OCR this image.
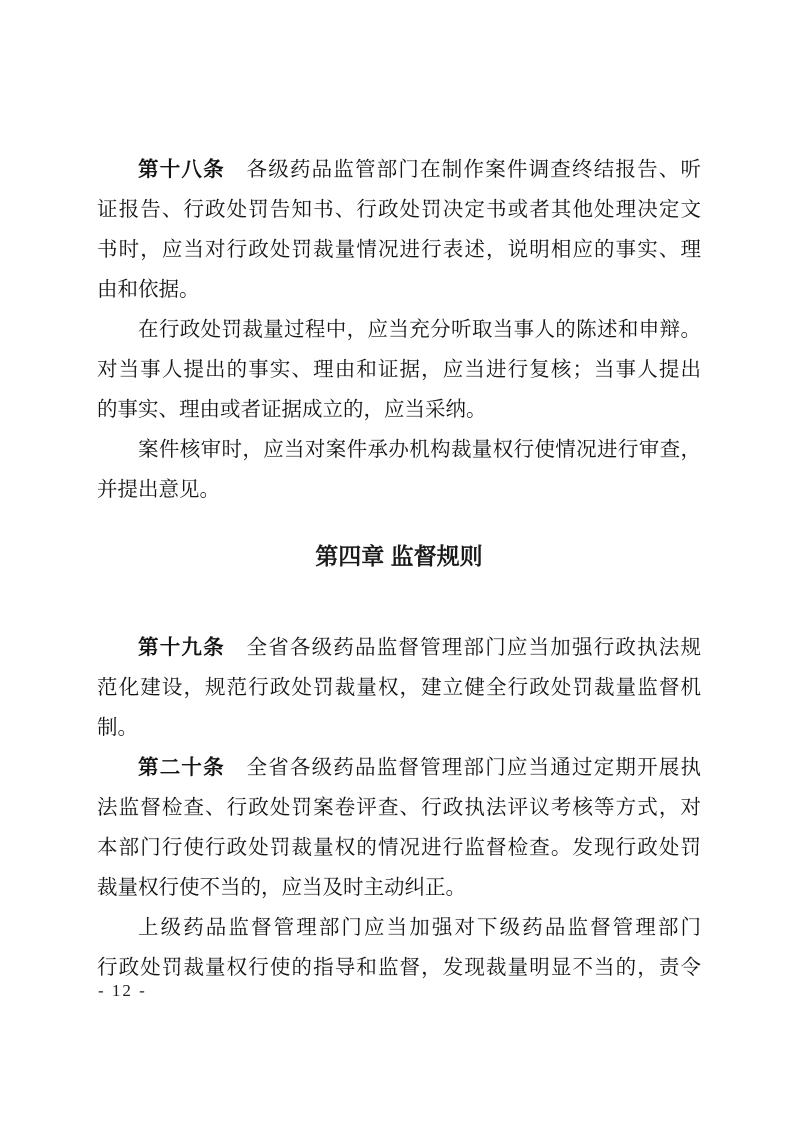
第十八条　各级药品监管部门在制作案件调查终结报告、听
证报告、行政处罚告知书、行政处罚决定书或者其他处理决定文
书时，应当对行政处罚裁量情况进行表述，说明相应的事实、理
由和依据。
在行政处罚裁量过程中，应当充分听取当事人的陈述和申辩。
对当事人提出的事实、理由和证据，应当进行复核；当事人提出
的事实、理由或者证据成立的，应当采纳。
案件核审时，应当对案件承办机构裁量权行使情况进行审查，
并提出意见。
第四章 监督规则
第十九条　全省各级药品监督管理部门应当加强行政执法规
范化建设，规范行政处罚裁量权，建立健全行政处罚裁量监督机
制。
第二十条　全省各级药品监督管理部门应当通过定期开展执
法监督检查、行政处罚案卷评查、行政执法评议考核等方式，对
本部门行使行政处罚裁量权的情况进行监督检查。发现行政处罚
裁量权行使不当的，应当及时主动纠正。
上级药品监督管理部门应当加强对下级药品监督管理部门
行政处罚裁量权行使的指导和监督，发现裁量明显不当的，责令
- 12 -
